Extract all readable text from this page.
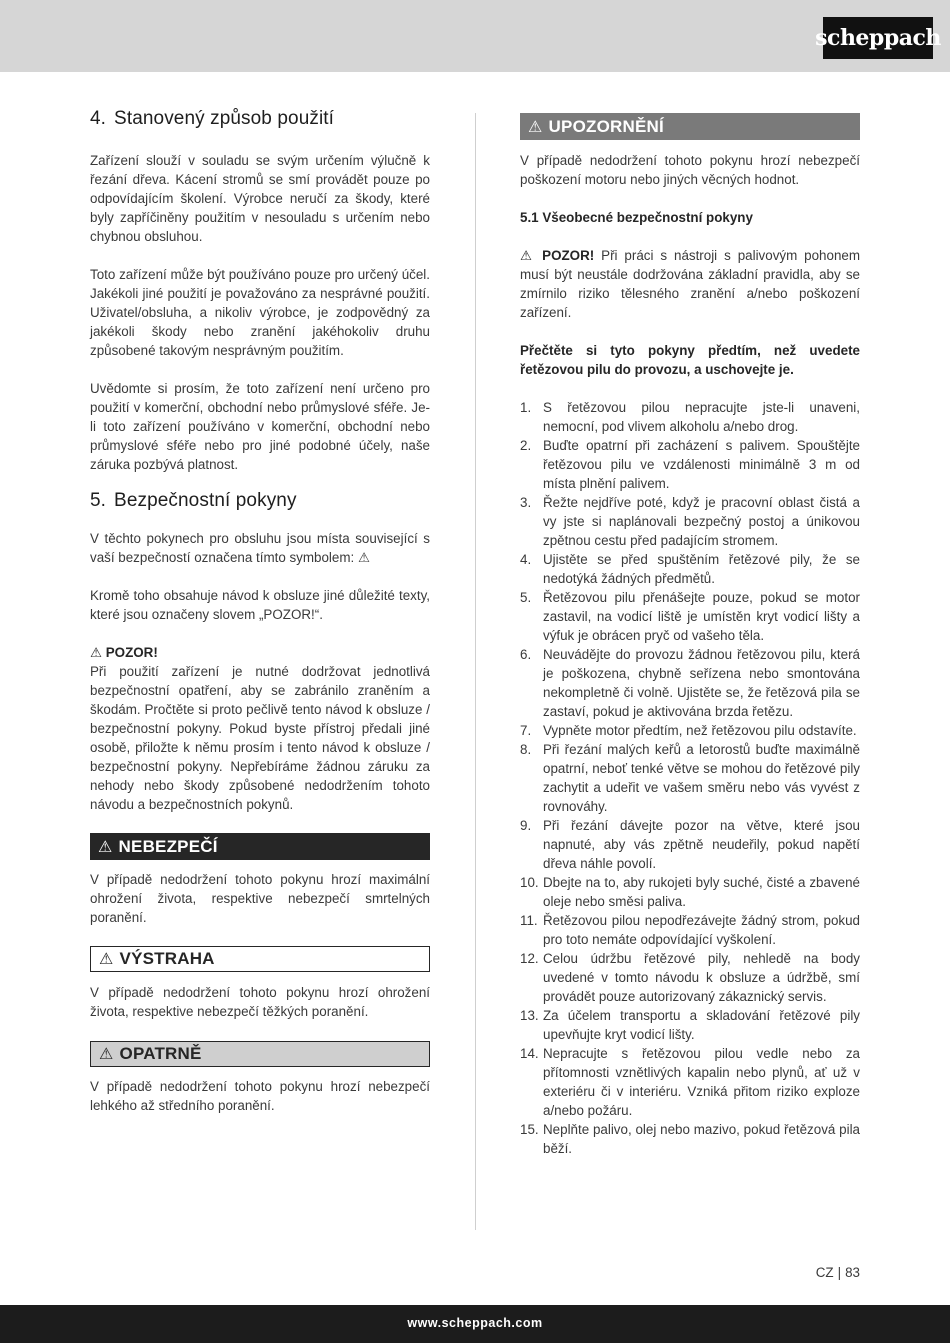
scheppach
4. Stanovený způsob použití

Zařízení slouží v souladu se svým určením výlučně k řezání dřeva. Kácení stromů se smí provádět pouze po odpovídajícím školení. Výrobce neručí za škody, které byly zapříčiněny použitím v nesouladu s určením nebo chybnou obsluhou.

Toto zařízení může být používáno pouze pro určený účel. Jakékoli jiné použití je považováno za nesprávné použití. Uživatel/obsluha, a nikoliv výrobce, je zodpovědný za jakékoli škody nebo zranění jakéhokoliv druhu způsobené takovým nesprávným použitím.

Uvědomte si prosím, že toto zařízení není určeno pro použití v komerční, obchodní nebo průmyslové sféře. Je-li toto zařízení používáno v komerční, obchodní nebo průmyslové sféře nebo pro jiné podobné účely, naše záruka pozbývá platnost.

5. Bezpečnostní pokyny

V těchto pokynech pro obsluhu jsou místa související s vaší bezpečností označena tímto symbolem: ⚠

Kromě toho obsahuje návod k obsluze jiné důležité texty, které jsou označeny slovem „POZOR!“.

⚠ POZOR!

Při použití zařízení je nutné dodržovat jednotlivá bezpečnostní opatření, aby se zabránilo zraněním a škodám. Pročtěte si proto pečlivě tento návod k obsluze / bezpečnostní pokyny. Pokud byste přístroj předali jiné osobě, přiložte k němu prosím i tento návod k obsluze / bezpečnostní pokyny. Nepřebíráme žádnou záruku za nehody nebo škody způsobené nedodržením tohoto návodu a bezpečnostních pokynů.

⚠ NEBEZPEČÍ

V případě nedodržení tohoto pokynu hrozí maximální ohrožení života, respektive nebezpečí smrtelných poranění.

⚠ VÝSTRAHA

V případě nedodržení tohoto pokynu hrozí ohrožení života, respektive nebezpečí těžkých poranění.

⚠ OPATRNĚ

V případě nedodržení tohoto pokynu hrozí nebezpečí lehkého až středního poranění.

⚠ UPOZORNĚNÍ

V případě nedodržení tohoto pokynu hrozí nebezpečí poškození motoru nebo jiných věcných hodnot.

5.1 Všeobecné bezpečnostní pokyny

⚠ POZOR! Při práci s nástroji s palivovým pohonem musí být neustále dodržována základní pravidla, aby se zmírnilo riziko tělesného zranění a/nebo poškození zařízení.

Přečtěte si tyto pokyny předtím, než uvedete řetězovou pilu do provozu, a uschovejte je.

1. S řetězovou pilou nepracujte jste-li unaveni, nemocní, pod vlivem alkoholu a/nebo drog.
2. Buďte opatrní při zacházení s palivem. Spouštějte řetězovou pilu ve vzdálenosti minimálně 3 m od místa plnění palivem.
3. Řežte nejdříve poté, když je pracovní oblast čistá a vy jste si naplánovali bezpečný postoj a únikovou zpětnou cestu před padajícím stromem.
4. Ujistěte se před spuštěním řetězové pily, že se nedotýká žádných předmětů.
5. Řetězovou pilu přenášejte pouze, pokud se motor zastavil, na vodicí liště je umístěn kryt vodicí lišty a výfuk je obrácen pryč od vašeho těla.
6. Neuvádějte do provozu žádnou řetězovou pilu, která je poškozena, chybně seřízena nebo smontována nekompletně či volně. Ujistěte se, že řetězová pila se zastaví, pokud je aktivována brzda řetězu.
7. Vypněte motor předtím, než řetězovou pilu odstavíte.
8. Při řezání malých keřů a letorostů buďte maximálně opatrní, neboť tenké větve se mohou do řetězové pily zachytit a udeřit ve vašem směru nebo vás vyvést z rovnováhy.
9. Při řezání dávejte pozor na větve, které jsou napnuté, aby vás zpětně neudeřily, pokud napětí dřeva náhle povolí.
10. Dbejte na to, aby rukojeti byly suché, čisté a zbavené oleje nebo směsi paliva.
11. Řetězovou pilou nepodřezávejte žádný strom, pokud pro toto nemáte odpovídající vyškolení.
12. Celou údržbu řetězové pily, nehledě na body uvedené v tomto návodu k obsluze a údržbě, smí provádět pouze autorizovaný zákaznický servis.
13. Za účelem transportu a skladování řetězové pily upevňujte kryt vodicí lišty.
14. Nepracujte s řetězovou pilou vedle nebo za přítomnosti vznětlivých kapalin nebo plynů, ať už v exteriéru či v interiéru. Vzniká přitom riziko exploze a/nebo požáru.
15. Neplňte palivo, olej nebo mazivo, pokud řetězová pila běží.
CZ | 83
www.scheppach.com
